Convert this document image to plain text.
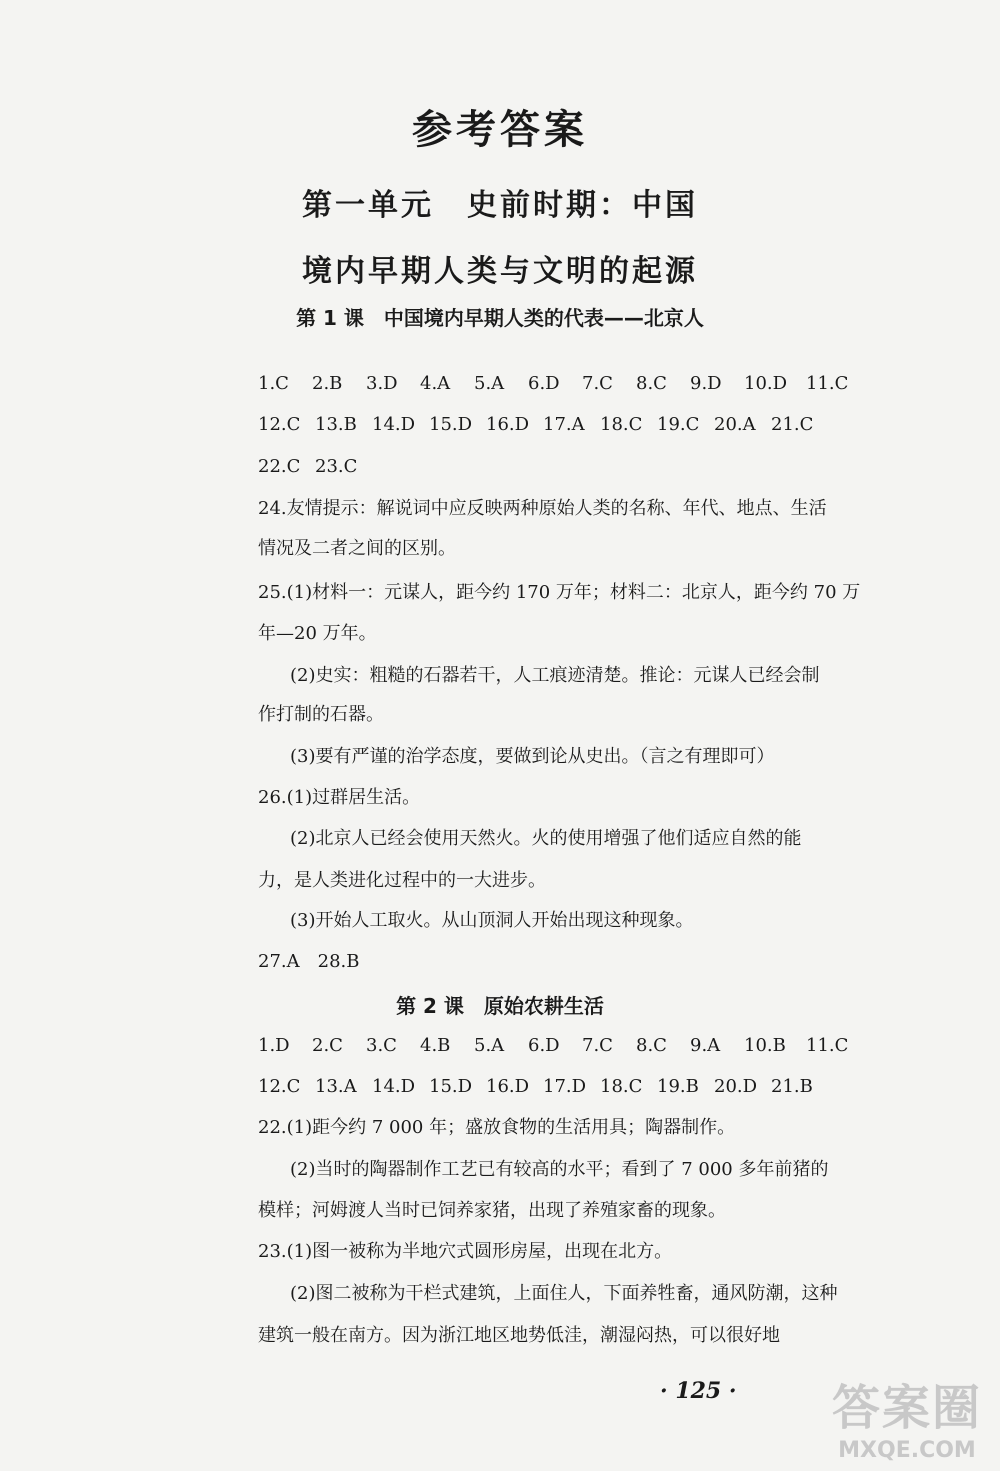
参考答案
第一单元　史前时期：中国
境内早期人类与文明的起源
第 1 课　中国境内早期人类的代表——北京人
1.C 2.B 3.D 4.A 5.A 6.D 7.C 8.C 9.D 10.D 11.C
12.C 13.B 14.D 15.D 16.D 17.A 18.C 19.C 20.A 21.C
22.C 23.C
24.友情提示：解说词中应反映两种原始人类的名称、年代、地点、生活
情况及二者之间的区别。
25.(1)材料一：元谋人，距今约 170 万年；材料二：北京人，距今约 70 万
年—20 万年。
(2)史实：粗糙的石器若干，人工痕迹清楚。推论：元谋人已经会制
作打制的石器。
(3)要有严谨的治学态度，要做到论从史出。（言之有理即可）
26.(1)过群居生活。
(2)北京人已经会使用天然火。火的使用增强了他们适应自然的能
力，是人类进化过程中的一大进步。
(3)开始人工取火。从山顶洞人开始出现这种现象。
27.A　28.B
第 2 课　原始农耕生活
1.D 2.C 3.C 4.B 5.A 6.D 7.C 8.C 9.A 10.B 11.C
12.C 13.A 14.D 15.D 16.D 17.D 18.C 19.B 20.D 21.B
22.(1)距今约 7 000 年；盛放食物的生活用具；陶器制作。
(2)当时的陶器制作工艺已有较高的水平；看到了 7 000 多年前猪的
模样；河姆渡人当时已饲养家猪，出现了养殖家畜的现象。
23.(1)图一被称为半地穴式圆形房屋，出现在北方。
(2)图二被称为干栏式建筑，上面住人，下面养牲畜，通风防潮，这种
建筑一般在南方。因为浙江地区地势低洼，潮湿闷热，可以很好地
· 125 · 答案圈
MXQE.COM
